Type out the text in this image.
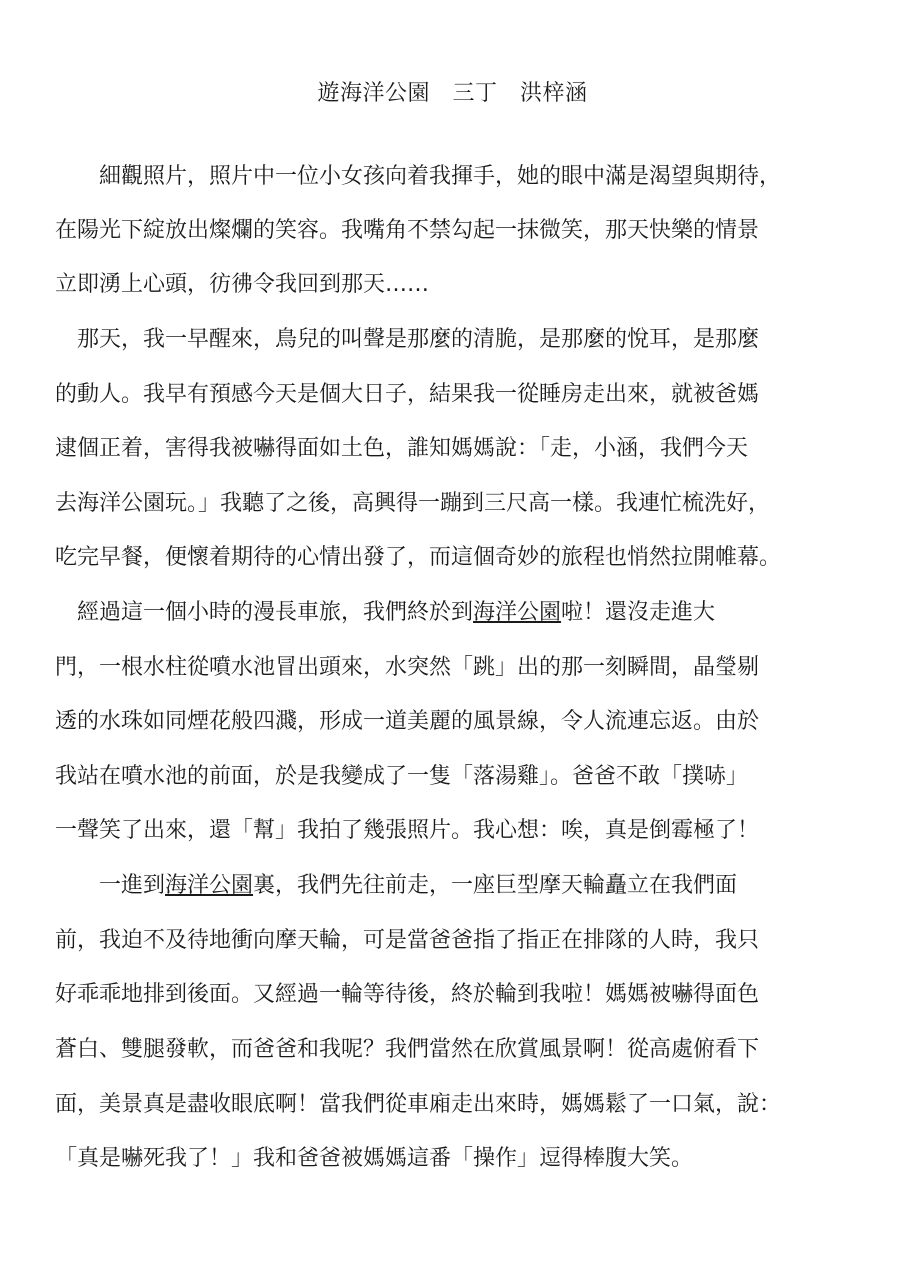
遊海洋公園　三丁　洪梓涵
　　細觀照片，照片中一位小女孩向着我揮手，她的眼中滿是渴望與期待，
在陽光下綻放出燦爛的笑容。我嘴角不禁勾起一抹微笑，那天快樂的情景
立即湧上心頭，彷彿令我回到那天……
　那天，我一早醒來，鳥兒的叫聲是那麼的清脆，是那麼的悅耳，是那麼
的動人。我早有預感今天是個大日子，結果我一從睡房走出來，就被爸媽
逮個正着，害得我被嚇得面如土色，誰知媽媽說：「走，小涵，我們今天
去海洋公園玩。」我聽了之後，高興得一蹦到三尺高一樣。我連忙梳洗好，
吃完早餐，便懷着期待的心情出發了，而這個奇妙的旅程也悄然拉開帷幕。
　經過這一個小時的漫長車旅，我們終於到海洋公園啦！還沒走進大
門，一根水柱從噴水池冒出頭來，水突然「跳」出的那一刻瞬間，晶瑩剔
透的水珠如同煙花般四濺，形成一道美麗的風景線，令人流連忘返。由於
我站在噴水池的前面，於是我變成了一隻「落湯雞」。爸爸不敢「撲哧」
一聲笑了出來，還「幫」我拍了幾張照片。我心想：唉，真是倒霉極了！
　　一進到海洋公園裏，我們先往前走，一座巨型摩天輪矗立在我們面
前，我迫不及待地衝向摩天輪，可是當爸爸指了指正在排隊的人時，我只
好乖乖地排到後面。又經過一輪等待後，終於輪到我啦！媽媽被嚇得面色
蒼白、雙腿發軟，而爸爸和我呢？我們當然在欣賞風景啊！從高處俯看下
面，美景真是盡收眼底啊！當我們從車廂走出來時，媽媽鬆了一口氣，說：
「真是嚇死我了！」我和爸爸被媽媽這番「操作」逗得棒腹大笑。
